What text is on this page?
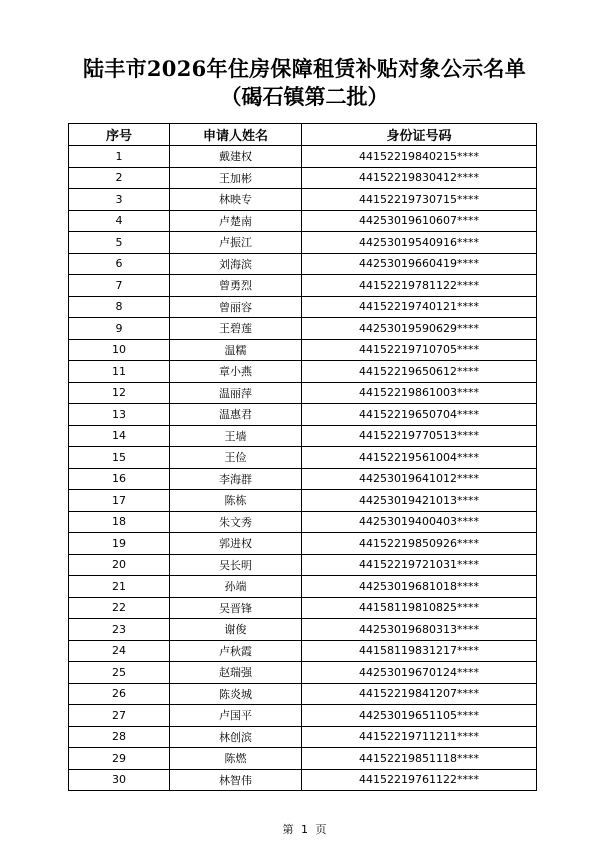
陆丰市2026年住房保障租赁补贴对象公示名单
（碣石镇第二批）
序号	申请人姓名	身份证号码
1	戴建权	44152219840215****
2	王加彬	44152219830412****
3	林映专	44152219730715****
4	卢楚南	44253019610607****
5	卢振江	44253019540916****
6	刘海滨	44253019660419****
7	曾勇烈	44152219781122****
8	曾丽容	44152219740121****
9	王碧莲	44253019590629****
10	温糯	44152219710705****
11	章小燕	44152219650612****
12	温丽萍	44152219861003****
13	温惠君	44152219650704****
14	王墙	44152219770513****
15	王俭	44152219561004****
16	李海群	44253019641012****
17	陈栋	44253019421013****
18	朱文秀	44253019400403****
19	郭进权	44152219850926****
20	吴长明	44152219721031****
21	孙端	44253019681018****
22	吴晋锋	44158119810825****
23	谢俊	44253019680313****
24	卢秋霞	44158119831217****
25	赵瑞强	44253019670124****
26	陈炎城	44152219841207****
27	卢国平	44253019651105****
28	林创滨	44152219711211****
29	陈燃	44152219851118****
30	林智伟	44152219761122****
第 1 页
